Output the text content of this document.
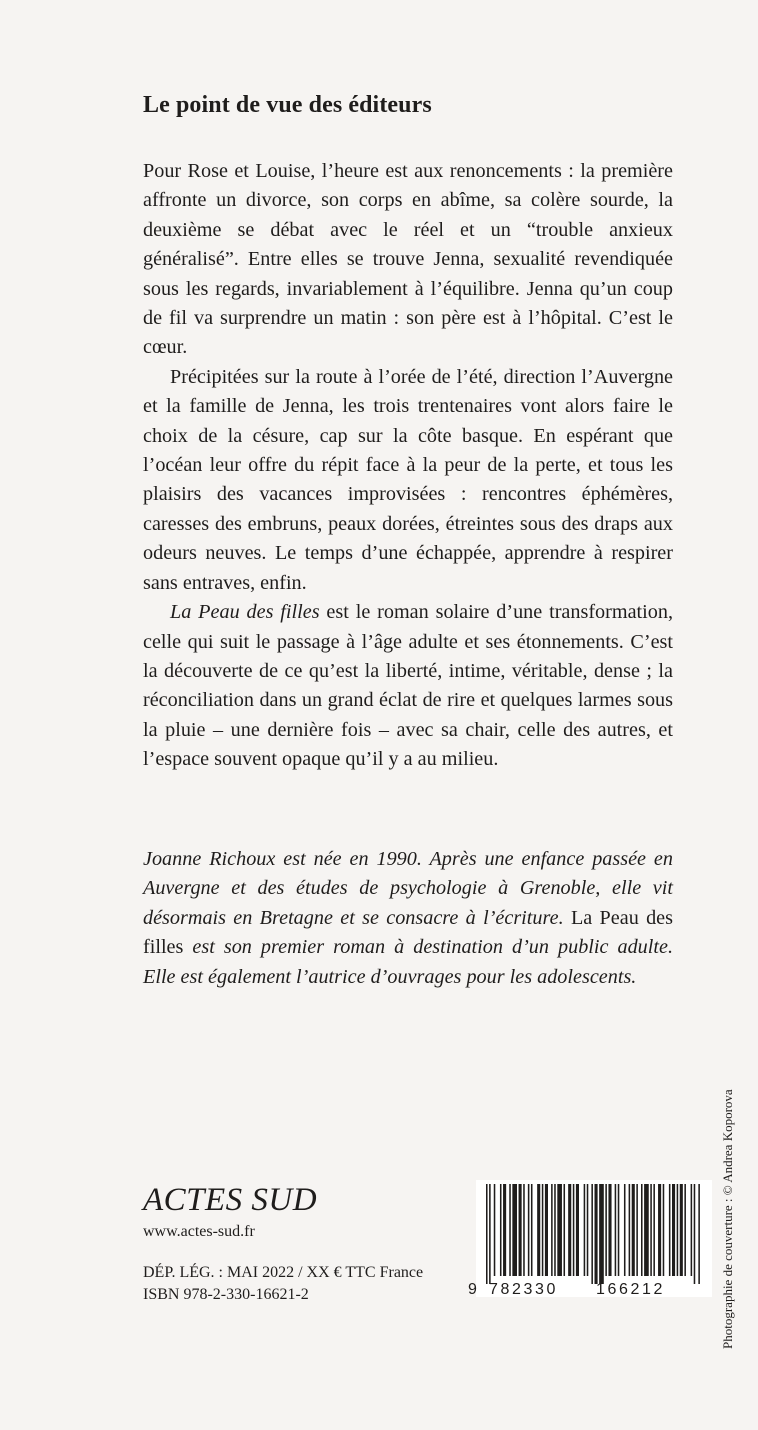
Le point de vue des éditeurs

Pour Rose et Louise, l’heure est aux renoncements : la première affronte un divorce, son corps en abîme, sa colère sourde, la deuxième se débat avec le réel et un “trouble anxieux généralisé”. Entre elles se trouve Jenna, sexualité revendiquée sous les regards, invariablement à l’équilibre. Jenna qu’un coup de fil va surprendre un matin : son père est à l’hôpital. C’est le cœur.

Précipitées sur la route à l’orée de l’été, direction l’Auvergne et la famille de Jenna, les trois trentenaires vont alors faire le choix de la césure, cap sur la côte basque. En espérant que l’océan leur offre du répit face à la peur de la perte, et tous les plaisirs des vacances improvisées : rencontres éphémères, caresses des embruns, peaux dorées, étreintes sous des draps aux odeurs neuves. Le temps d’une échappée, apprendre à respirer sans entraves, enfin.

La Peau des filles est le roman solaire d’une transformation, celle qui suit le passage à l’âge adulte et ses étonnements. C’est la découverte de ce qu’est la liberté, intime, véritable, dense ; la réconciliation dans un grand éclat de rire et quelques larmes sous la pluie – une dernière fois – avec sa chair, celle des autres, et l’espace souvent opaque qu’il y a au milieu.

Joanne Richoux est née en 1990. Après une enfance passée en Auvergne et des études de psychologie à Grenoble, elle vit désormais en Bretagne et se consacre à l’écriture. La Peau des filles est son premier roman à destination d’un public adulte. Elle est également l’autrice d’ouvrages pour les adolescents.
ACTES SUD
www.actes-sud.fr
DÉP. LÉG. : MAI 2022 / XX € TTC France
ISBN 978-2-330-16621-2	9 782330 166212	Photographie de couverture : © Andrea Koporova
